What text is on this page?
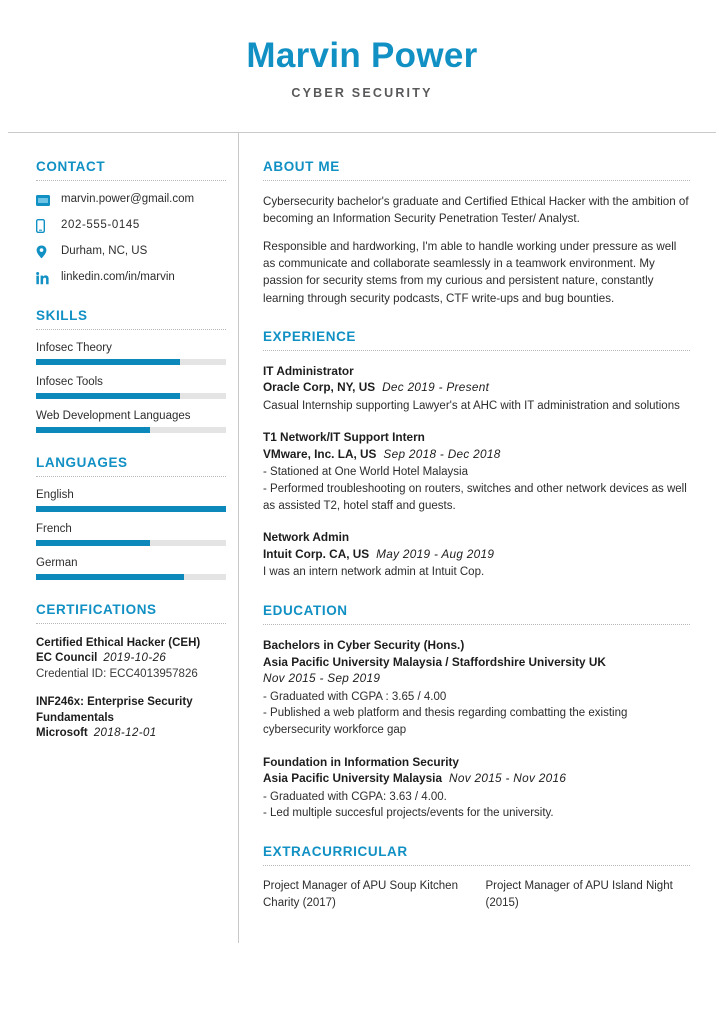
Marvin Power
CYBER SECURITY
CONTACT
marvin.power@gmail.com
202-555-0145
Durham, NC, US
linkedin.com/in/marvin
SKILLS
Infosec Theory
Infosec Tools
Web Development Languages
LANGUAGES
English
French
German
CERTIFICATIONS
Certified Ethical Hacker (CEH)
EC Council 2019-10-26
Credential ID: ECC4013957826
INF246x: Enterprise Security Fundamentals
Microsoft 2018-12-01
ABOUT ME

Cybersecurity bachelor's graduate and Certified Ethical Hacker with the ambition of becoming an Information Security Penetration Tester/ Analyst.

Responsible and hardworking, I'm able to handle working under pressure as well as communicate and collaborate seamlessly in a teamwork environment. My passion for security stems from my curious and persistent nature, constantly learning through security podcasts, CTF write-ups and bug bounties.

EXPERIENCE
IT Administrator
Oracle Corp, NY, US Dec 2019 - Present
Casual Internship supporting Lawyer's at AHC with IT administration and solutions
T1 Network/IT Support Intern
VMware, Inc. LA, US Sep 2018 - Dec 2018
- Stationed at One World Hotel Malaysia
- Performed troubleshooting on routers, switches and other network devices as well as assisted T2, hotel staff and guests.
Network Admin
Intuit Corp. CA, US May 2019 - Aug 2019
I was an intern network admin at Intuit Cop.
EDUCATION
Bachelors in Cyber Security (Hons.)
Asia Pacific University Malaysia / Staffordshire University UK
Nov 2015 - Sep 2019
- Graduated with CGPA : 3.65 / 4.00
- Published a web platform and thesis regarding combatting the existing cybersecurity workforce gap
Foundation in Information Security
Asia Pacific University Malaysia Nov 2015 - Nov 2016
- Graduated with CGPA: 3.63 / 4.00.
- Led multiple succesful projects/events for the university.
EXTRACURRICULAR
Project Manager of APU Soup Kitchen Charity (2017)
Project Manager of APU Island Night (2015)
